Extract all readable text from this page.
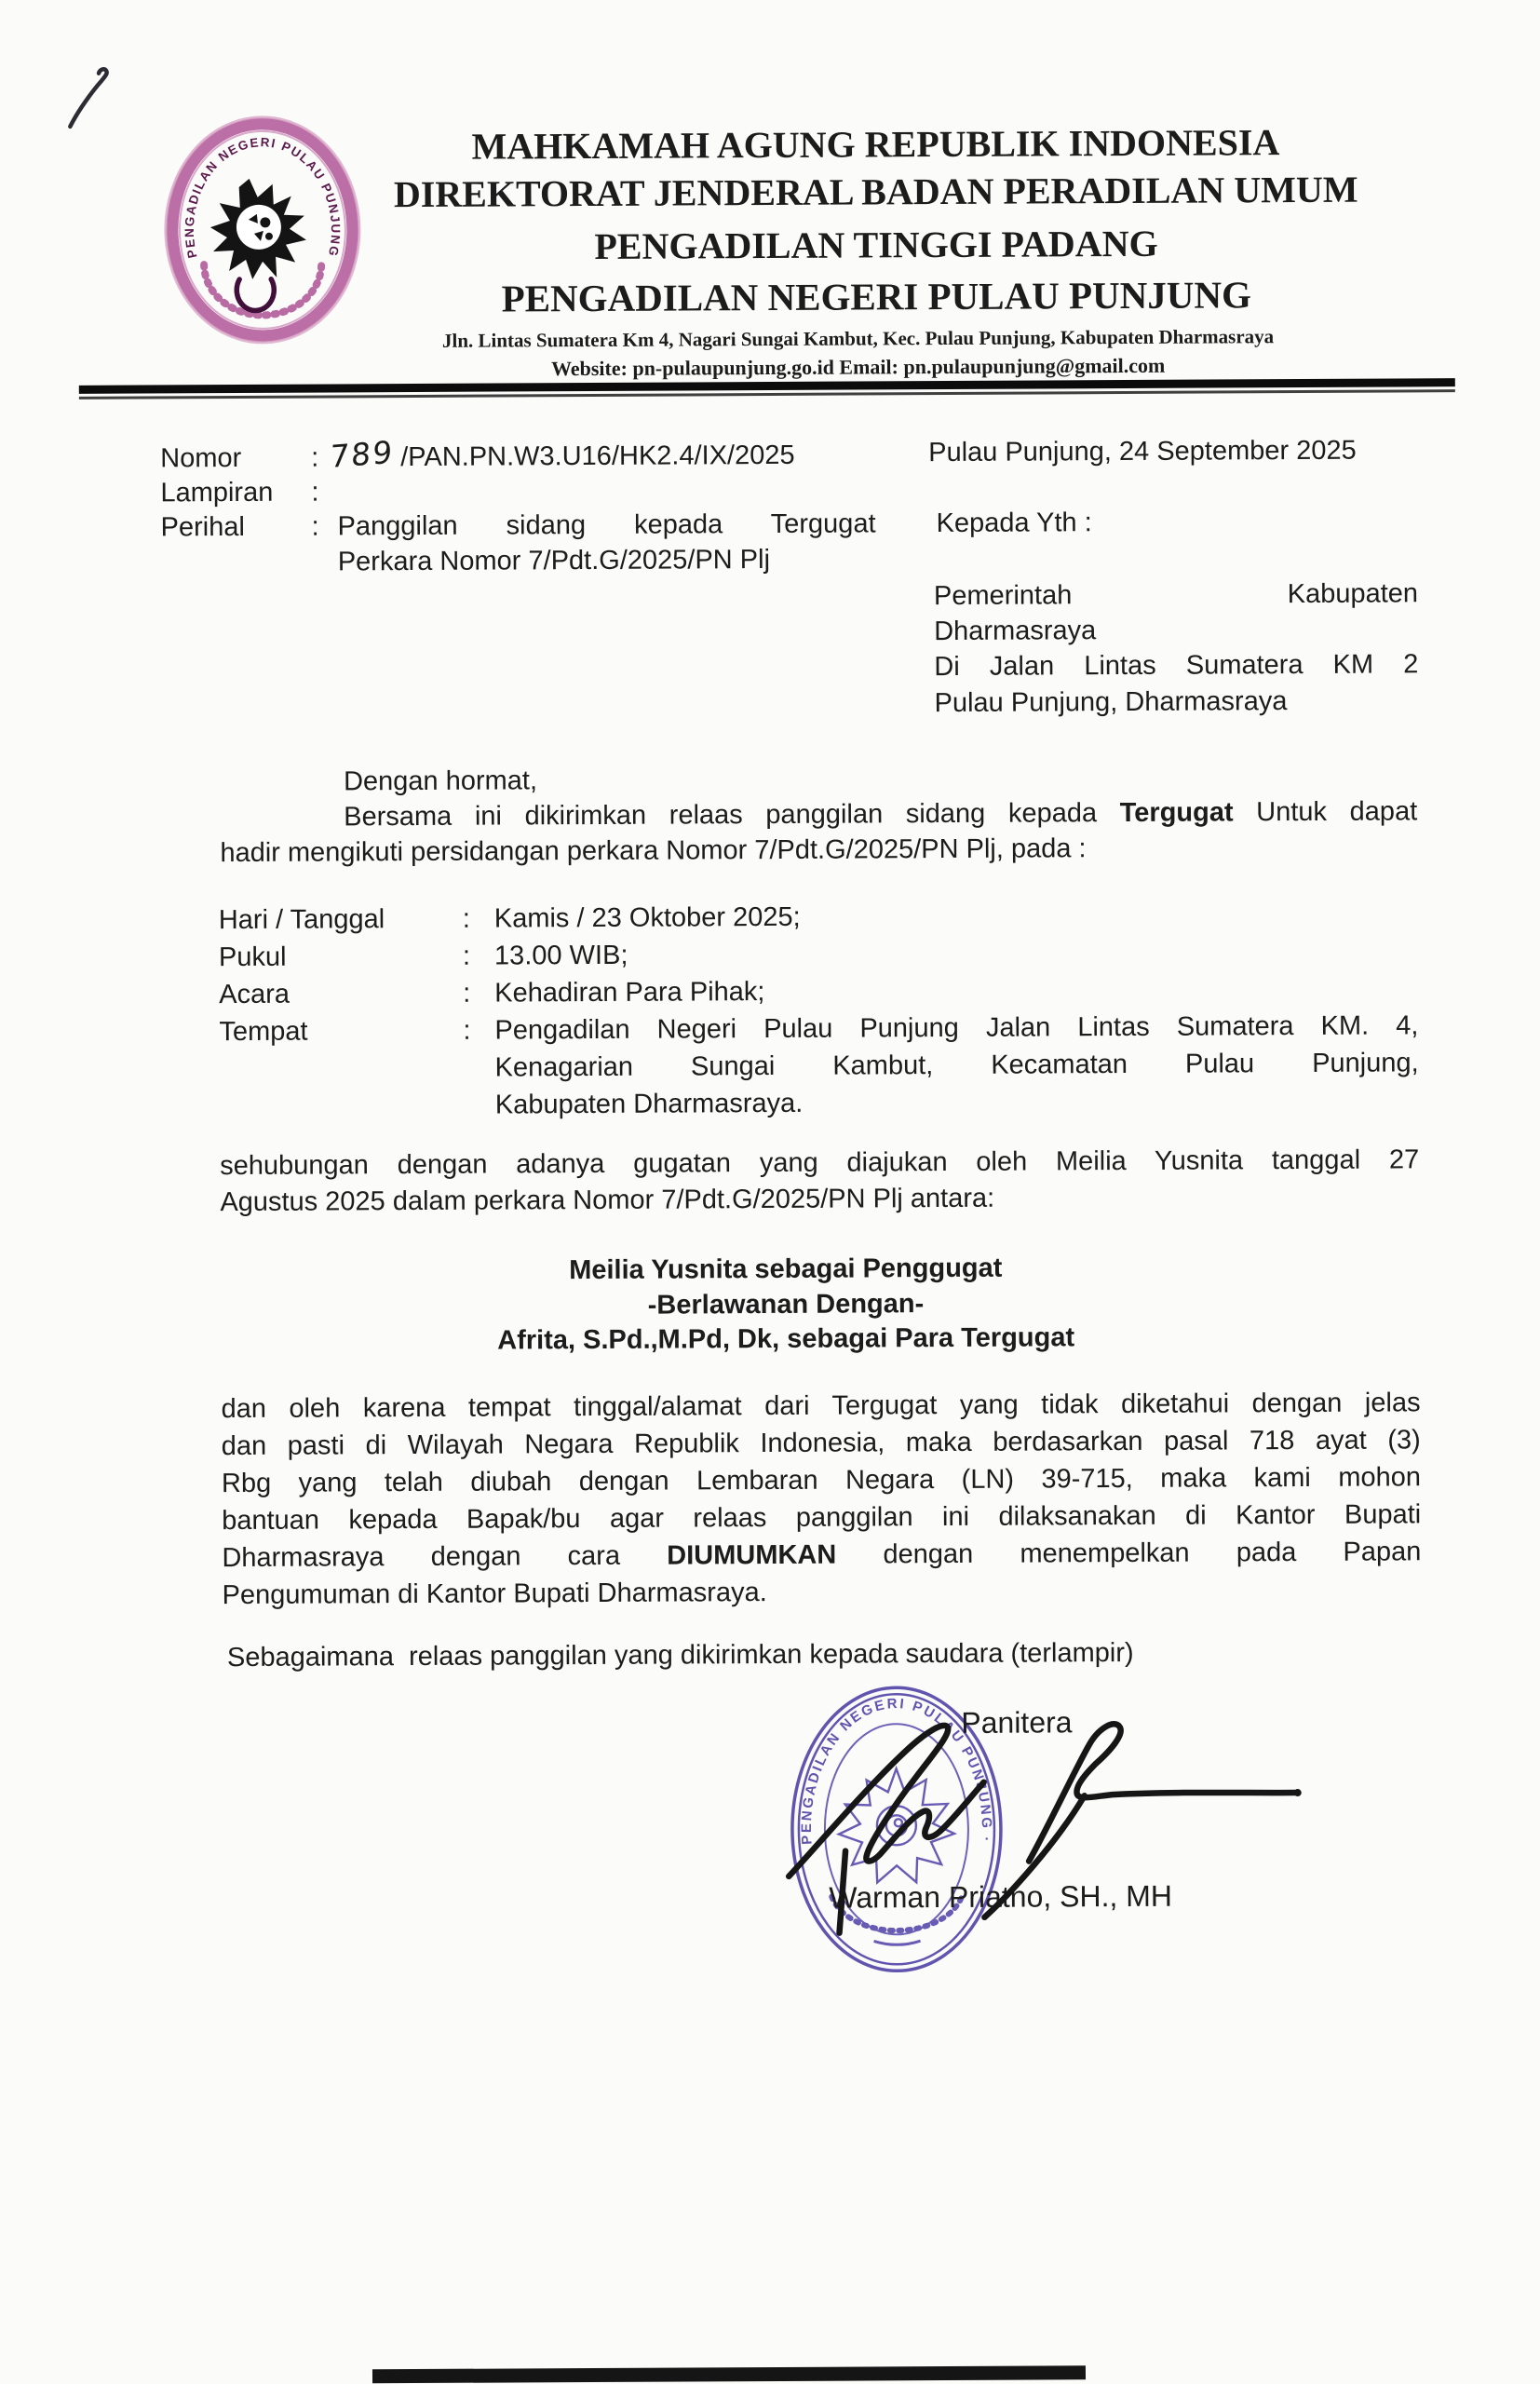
PENGADILAN NEGERI PULAU PUNJUNG
MAHKAMAH AGUNG REPUBLIK INDONESIA
DIREKTORAT JENDERAL BADAN PERADILAN UMUM
PENGADILAN TINGGI PADANG
PENGADILAN NEGERI PULAU PUNJUNG
Jln. Lintas Sumatera Km 4, Nagari Sungai Kambut, Kec. Pulau Punjung, Kabupaten Dharmasraya
Website: pn-pulaupunjung.go.id Email: pn.pulaupunjung@gmail.com
Nomor	: 789 /PAN.PN.W3.U16/HK2.4/IX/2025	Pulau Punjung, 24 September 2025
Lampiran :
Perihal : Panggilan sidang kepada Tergugat
Perkara Nomor 7/Pdt.G/2025/PN Plj
Kepada Yth :
Pemerintah	Kabupaten
Dharmasraya
Di Jalan Lintas Sumatera KM 2
Pulau Punjung, Dharmasraya
Dengan hormat,
Bersama ini dikirimkan relaas panggilan sidang kepada Tergugat Untuk dapat
hadir mengikuti persidangan perkara Nomor 7/Pdt.G/2025/PN Plj, pada :
Hari / Tanggal	: Kamis / 23 Oktober 2025;
Pukul	: 13.00 WIB;
Acara	: Kehadiran Para Pihak;
Tempat	: Pengadilan Negeri Pulau Punjung Jalan Lintas Sumatera KM. 4,
Kenagarian Sungai Kambut, Kecamatan Pulau Punjung,
Kabupaten Dharmasraya.
sehubungan dengan adanya gugatan yang diajukan oleh Meilia Yusnita tanggal 27
Agustus 2025 dalam perkara Nomor 7/Pdt.G/2025/PN Plj antara:
Meilia Yusnita sebagai Penggugat
-Berlawanan Dengan-
Afrita, S.Pd.,M.Pd, Dk, sebagai Para Tergugat
dan oleh karena tempat tinggal/alamat dari Tergugat yang tidak diketahui dengan jelas
dan pasti di Wilayah Negara Republik Indonesia, maka berdasarkan pasal 718 ayat (3)
Rbg yang telah diubah dengan Lembaran Negara (LN) 39-715, maka kami mohon
bantuan kepada Bapak/bu agar relaas panggilan ini dilaksanakan di Kantor Bupati
Dharmasraya dengan cara DIUMUMKAN dengan menempelkan pada Papan
Pengumuman di Kantor Bupati Dharmasraya.
Sebagaimana  relaas panggilan yang dikirimkan kepada saudara (terlampir)
PENGADILAN NEGERI PULAU PUNJUNG ·
Panitera
Warman Priatno, SH., MH
